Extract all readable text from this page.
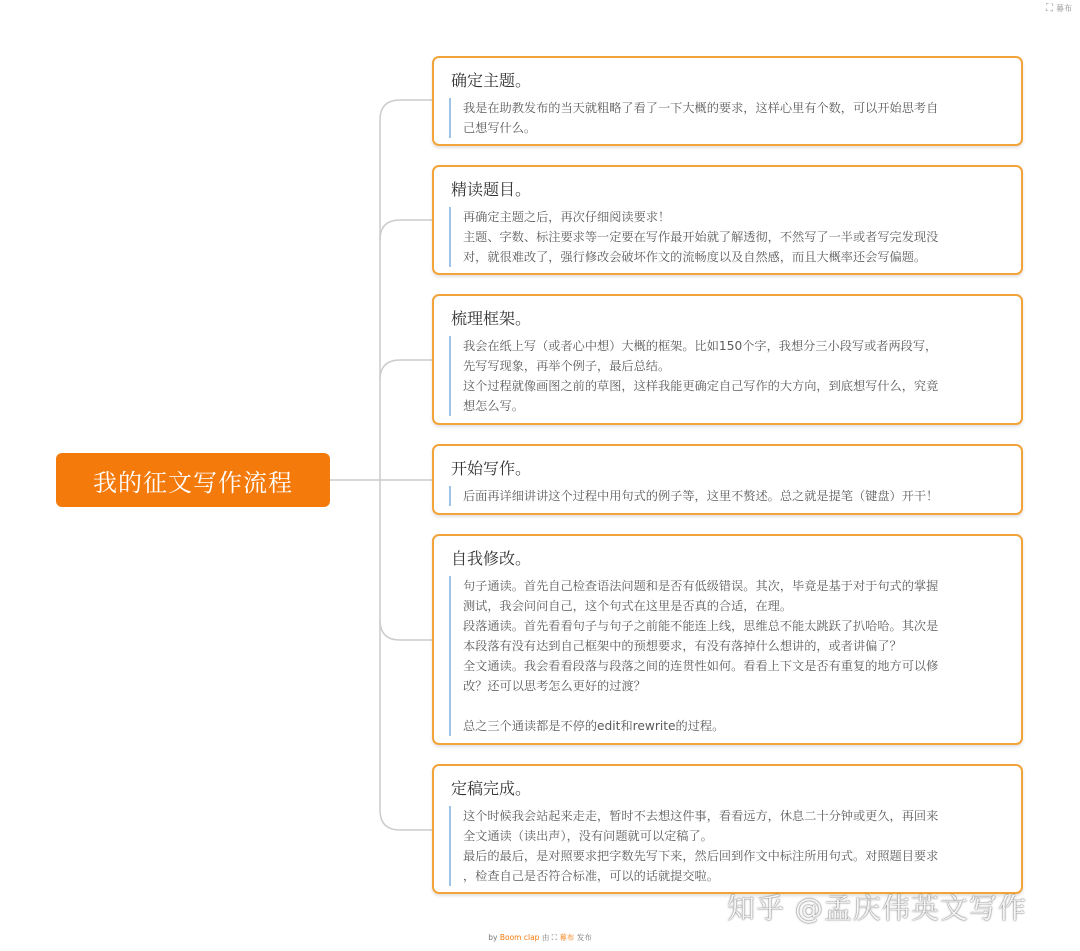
⛶ 幕布
我的征文写作流程
确定主题。
我是在助教发布的当天就粗略了看了一下大概的要求，这样心里有个数，可以开始思考自
己想写什么。
精读题目。
再确定主题之后，再次仔细阅读要求！
主题、字数、标注要求等一定要在写作最开始就了解透彻，不然写了一半或者写完发现没
对，就很难改了，强行修改会破坏作文的流畅度以及自然感，而且大概率还会写偏题。
梳理框架。
我会在纸上写（或者心中想）大概的框架。比如150个字，我想分三小段写或者两段写，
先写写现象，再举个例子，最后总结。
这个过程就像画图之前的草图，这样我能更确定自己写作的大方向，到底想写什么，究竟
想怎么写。
开始写作。
后面再详细讲讲这个过程中用句式的例子等，这里不赘述。总之就是提笔（键盘）开干！
自我修改。
句子通读。首先自己检查语法问题和是否有低级错误。其次，毕竟是基于对于句式的掌握
测试，我会问问自己，这个句式在这里是否真的合适，在理。
段落通读。首先看看句子与句子之前能不能连上线，思维总不能太跳跃了扒哈哈。其次是
本段落有没有达到自己框架中的预想要求，有没有落掉什么想讲的，或者讲偏了？
全文通读。我会看看段落与段落之间的连贯性如何。看看上下文是否有重复的地方可以修
改？还可以思考怎么更好的过渡？
总之三个通读都是不停的edit和rewrite的过程。
定稿完成。
这个时候我会站起来走走，暂时不去想这件事，看看远方，休息二十分钟或更久，再回来
全文通读（读出声），没有问题就可以定稿了。
最后的最后，是对照要求把字数先写下来，然后回到作文中标注所用句式。对照题目要求
，检查自己是否符合标准，可以的话就提交啦。
知乎 @孟庆伟英文写作
by Boom clap 由 ⛶ 幕布 发布
